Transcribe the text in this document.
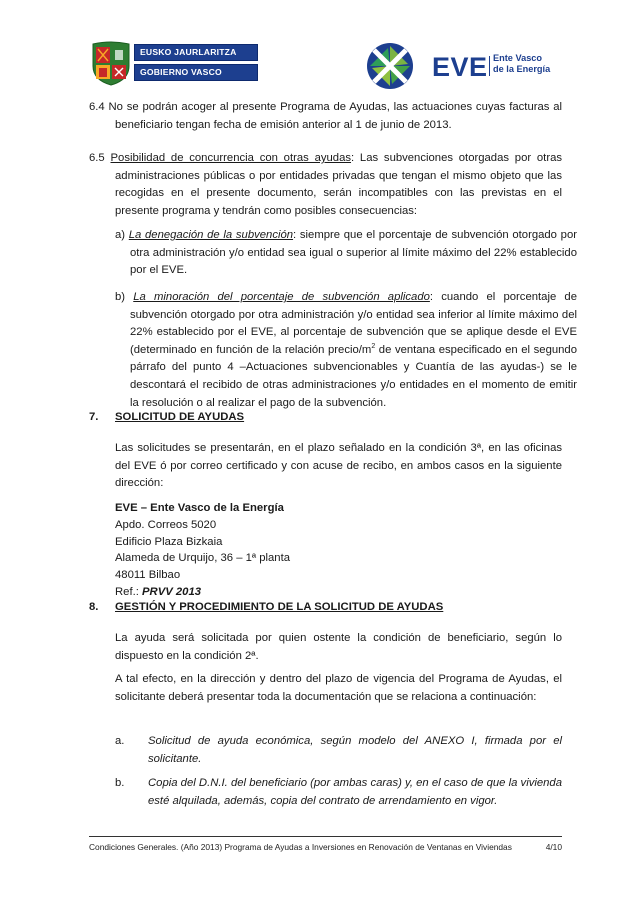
EUSKO JAURLARITZA
GOBIERNO VASCO	EVE Ente Vasco
de la Energía

6.4 No se podrán acoger al presente Programa de Ayudas, las actuaciones cuyas facturas al beneficiario tengan fecha de emisión anterior al 1 de junio de 2013.

6.5 Posibilidad de concurrencia con otras ayudas: Las subvenciones otorgadas por otras administraciones públicas o por entidades privadas que tengan el mismo objeto que las recogidas en el presente documento, serán incompatibles con las previstas en el presente programa y tendrán como posibles consecuencias:

a) La denegación de la subvención: siempre que el porcentaje de subvención otorgado por otra administración y/o entidad sea igual o superior al límite máximo del 22% establecido por el EVE.

b) La minoración del porcentaje de subvención aplicado: cuando el porcentaje de subvención otorgado por otra administración y/o entidad sea inferior al límite máximo del 22% establecido por el EVE, al porcentaje de subvención que se aplique desde el EVE (determinado en función de la relación precio/$m^2$ de ventana especificado en el segundo párrafo del punto 4 –Actuaciones subvencionables y Cuantía de las ayudas-) se le descontará el recibido de otras administraciones y/o entidades en el momento de emitir la resolución o al realizar el pago de la subvención.

7. SOLICITUD DE AYUDAS

Las solicitudes se presentarán, en el plazo señalado en la condición 3ª, en las oficinas del EVE ó por correo certificado y con acuse de recibo, en ambos casos en la siguiente dirección:

EVE – Ente Vasco de la Energía
Apdo. Correos 5020
Edificio Plaza Bizkaia
Alameda de Urquijo, 36 – 1ª planta
48011 Bilbao
Ref.: PRVV 2013
8. GESTIÓN Y PROCEDIMIENTO DE LA SOLICITUD DE AYUDAS

La ayuda será solicitada por quien ostente la condición de beneficiario, según lo dispuesto en la condición 2ª.

A tal efecto, en la dirección y dentro del plazo de vigencia del Programa de Ayudas, el solicitante deberá presentar toda la documentación que se relaciona a continuación:

a. Solicitud de ayuda económica, según modelo del ANEXO I, firmada por el solicitante.
b. Copia del D.N.I. del beneficiario (por ambas caras) y, en el caso de que la vivienda esté alquilada, además, copia del contrato de arrendamiento en vigor.
Condiciones Generales. (Año 2013) Programa de Ayudas a Inversiones en Renovación de Ventanas en Viviendas	4/10
